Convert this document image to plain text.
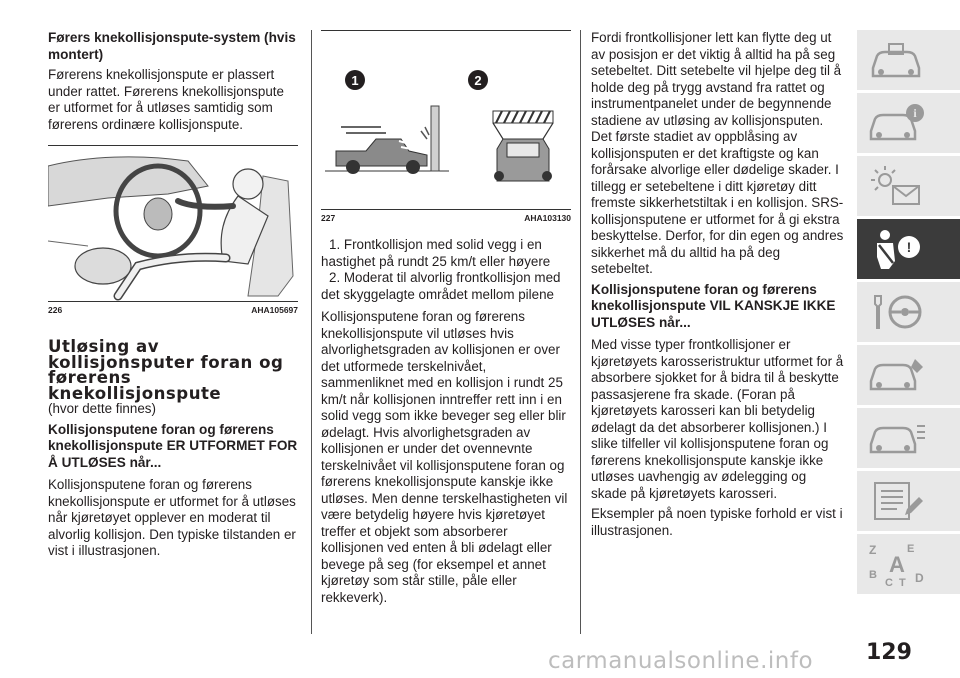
Førers knekollisjonspute-system (hvis montert)

Førerens knekollisjonspute er plassert under rattet. Førerens knekollisjonspute er utformet for å utløses samtidig som førerens ordinære kollisjonspute.

226	AHA105697
Utløsing av kollisjonsputer foran og førerens knekollisjonspute

(hvor dette finnes)

Kollisjonsputene foran og førerens knekollisjonspute ER UTFORMET FOR Å UTLØSES når...

Kollisjonsputene foran og førerens knekollisjonspute er utformet for å utløses når kjøretøyet opplever en moderat til alvorlig kollisjon. Den typiske tilstanden er vist i illustrasjonen.

1	2
227	AHA103130

1. Frontkollisjon med solid vegg i en hastighet på rundt 25 km/t eller høyere

2. Moderat til alvorlig frontkollisjon med det skyggelagte området mellom pilene

Kollisjonsputene foran og førerens knekollisjonspute vil utløses hvis alvorlighetsgraden av kollisjonen er over det utformede terskelnivået, sammenliknet med en kollisjon i rundt 25 km/t når kollisjonen inntreffer rett inn i en solid vegg som ikke beveger seg eller blir ødelagt. Hvis alvorlighetsgraden av kollisjonen er under det ovennevnte terskelnivået vil kollisjonsputene foran og førerens knekollisjonspute kanskje ikke utløses. Men denne terskelhastigheten vil være betydelig høyere hvis kjøretøyet treffer et objekt som absorberer kollisjonen ved enten å bli ødelagt eller bevege på seg (for eksempel et annet kjøretøy som står stille, påle eller rekkeverk).

Fordi frontkollisjoner lett kan flytte deg ut av posisjon er det viktig å alltid ha på seg setebeltet. Ditt setebelte vil hjelpe deg til å holde deg på trygg avstand fra rattet og instrumentpanelet under de begynnende stadiene av utløsing av kollisjonsputen. Det første stadiet av oppblåsing av kollisjonsputen er det kraftigste og kan forårsake alvorlige eller dødelige skader. I tillegg er setebeltene i ditt kjøretøy ditt fremste sikkerhetstiltak i en kollisjon. SRS-kollisjonsputene er utformet for å gi ekstra beskyttelse. Derfor, for din egen og andres sikkerhet må du alltid ha på deg setebeltet.

Kollisjonsputene foran og førerens knekollisjonspute VIL KANSKJE IKKE UTLØSES når...

Med visse typer frontkollisjoner er kjøretøyets karosseristruktur utformet for å absorbere sjokket for å bidra til å beskytte passasjerene fra skade. (Foran på kjøretøyets karosseri kan bli betydelig ødelagt da det absorberer kollisjonen.) I slike tilfeller vil kollisjonsputene foran og førerens knekollisjonspute kanskje ikke utløses uavhengig av ødelegging og skade på kjøretøyets karosseri.

Eksempler på noen typiske forhold er vist i illustrasjonen.

i
!
Z	E
A
B	D
C T
129
carmanualsonline.info
